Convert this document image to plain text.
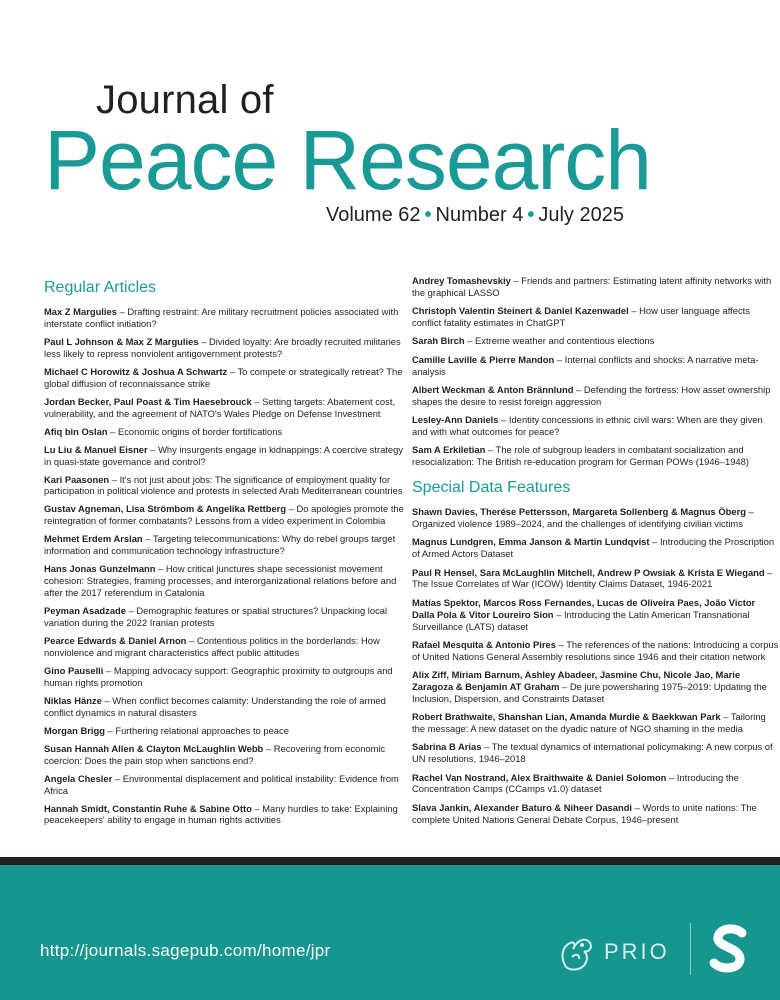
Journal of
Peace Research
Volume 62 • Number 4 • July 2025
Regular Articles

Max Z Margulies – Drafting restraint: Are military recruitment policies associated with interstate conflict initiation?

Paul L Johnson & Max Z Margulies – Divided loyalty: Are broadly recruited militaries less likely to repress nonviolent antigovernment protests?

Michael C Horowitz & Joshua A Schwartz – To compete or strategically retreat? The global diffusion of reconnaissance strike

Jordan Becker, Paul Poast & Tim Haesebrouck – Setting targets: Abatement cost, vulnerability, and the agreement of NATO's Wales Pledge on Defense Investment

Afiq bin Oslan – Economic origins of border fortifications

Lu Liu & Manuel Eisner – Why insurgents engage in kidnappings: A coercive strategy in quasi-state governance and control?

Kari Paasonen – It's not just about jobs: The significance of employment quality for participation in political violence and protests in selected Arab Mediterranean countries

Gustav Agneman, Lisa Strömbom & Angelika Rettberg – Do apologies promote the reintegration of former combatants? Lessons from a video experiment in Colombia

Mehmet Erdem Arslan – Targeting telecommunications: Why do rebel groups target information and communication technology infrastructure?

Hans Jonas Gunzelmann – How critical junctures shape secessionist movement cohesion: Strategies, framing processes, and interorganizational relations before and after the 2017 referendum in Catalonia

Peyman Asadzade – Demographic features or spatial structures? Unpacking local variation during the 2022 Iranian protests

Pearce Edwards & Daniel Arnon – Contentious politics in the borderlands: How nonviolence and migrant characteristics affect public attitudes

Gino Pauselli – Mapping advocacy support: Geographic proximity to outgroups and human rights promotion

Niklas Hänze – When conflict becomes calamity: Understanding the role of armed conflict dynamics in natural disasters

Morgan Brigg – Furthering relational approaches to peace

Susan Hannah Allen & Clayton McLaughlin Webb – Recovering from economic coercion: Does the pain stop when sanctions end?

Angela Chesler – Environmental displacement and political instability: Evidence from Africa

Hannah Smidt, Constantin Ruhe & Sabine Otto – Many hurdles to take: Explaining peacekeepers' ability to engage in human rights activities

Andrey Tomashevskiy – Friends and partners: Estimating latent affinity networks with the graphical LASSO

Christoph Valentin Steinert & Daniel Kazenwadel – How user language affects conflict fatality estimates in ChatGPT

Sarah Birch – Extreme weather and contentious elections

Camille Laville & Pierre Mandon – Internal conflicts and shocks: A narrative meta-analysis

Albert Weckman & Anton Brännlund – Defending the fortress: How asset ownership shapes the desire to resist foreign aggression

Lesley-Ann Daniels – Identity concessions in ethnic civil wars: When are they given and with what outcomes for peace?

Sam A Erkiletian – The role of subgroup leaders in combatant socialization and resocialization: The British re-education program for German POWs (1946–1948)

Special Data Features

Shawn Davies, Therése Pettersson, Margareta Sollenberg & Magnus Öberg – Organized violence 1989–2024, and the challenges of identifying civilian victims

Magnus Lundgren, Emma Janson & Martin Lundqvist – Introducing the Proscription of Armed Actors Dataset

Paul R Hensel, Sara McLaughlin Mitchell, Andrew P Owsiak & Krista E Wiegand – The Issue Correlates of War (ICOW) Identity Claims Dataset, 1946-2021

Matías Spektor, Marcos Ross Fernandes, Lucas de Oliveira Paes, João Victor Dalla Pola & Vitor Loureiro Sion – Introducing the Latin American Transnational Surveillance (LATS) dataset

Rafael Mesquita & Antonio Pires – The references of the nations: Introducing a corpus of United Nations General Assembly resolutions since 1946 and their citation network

Alix Ziff, Miriam Barnum, Ashley Abadeer, Jasmine Chu, Nicole Jao, Marie Zaragoza & Benjamin AT Graham – De jure powersharing 1975–2019: Updating the Inclusion, Dispersion, and Constraints Dataset

Robert Brathwaite, Shanshan Lian, Amanda Murdie & Baekkwan Park – Tailoring the message: A new dataset on the dyadic nature of NGO shaming in the media

Sabrina B Arias – The textual dynamics of international policymaking: A new corpus of UN resolutions, 1946–2018

Rachel Van Nostrand, Alex Braithwaite & Daniel Solomon – Introducing the Concentration Camps (CCamps v1.0) dataset

Slava Jankin, Alexander Baturo & Niheer Dasandi – Words to unite nations: The complete United Nations General Debate Corpus, 1946–present

http://journals.sagepub.com/home/jpr	PRIO
